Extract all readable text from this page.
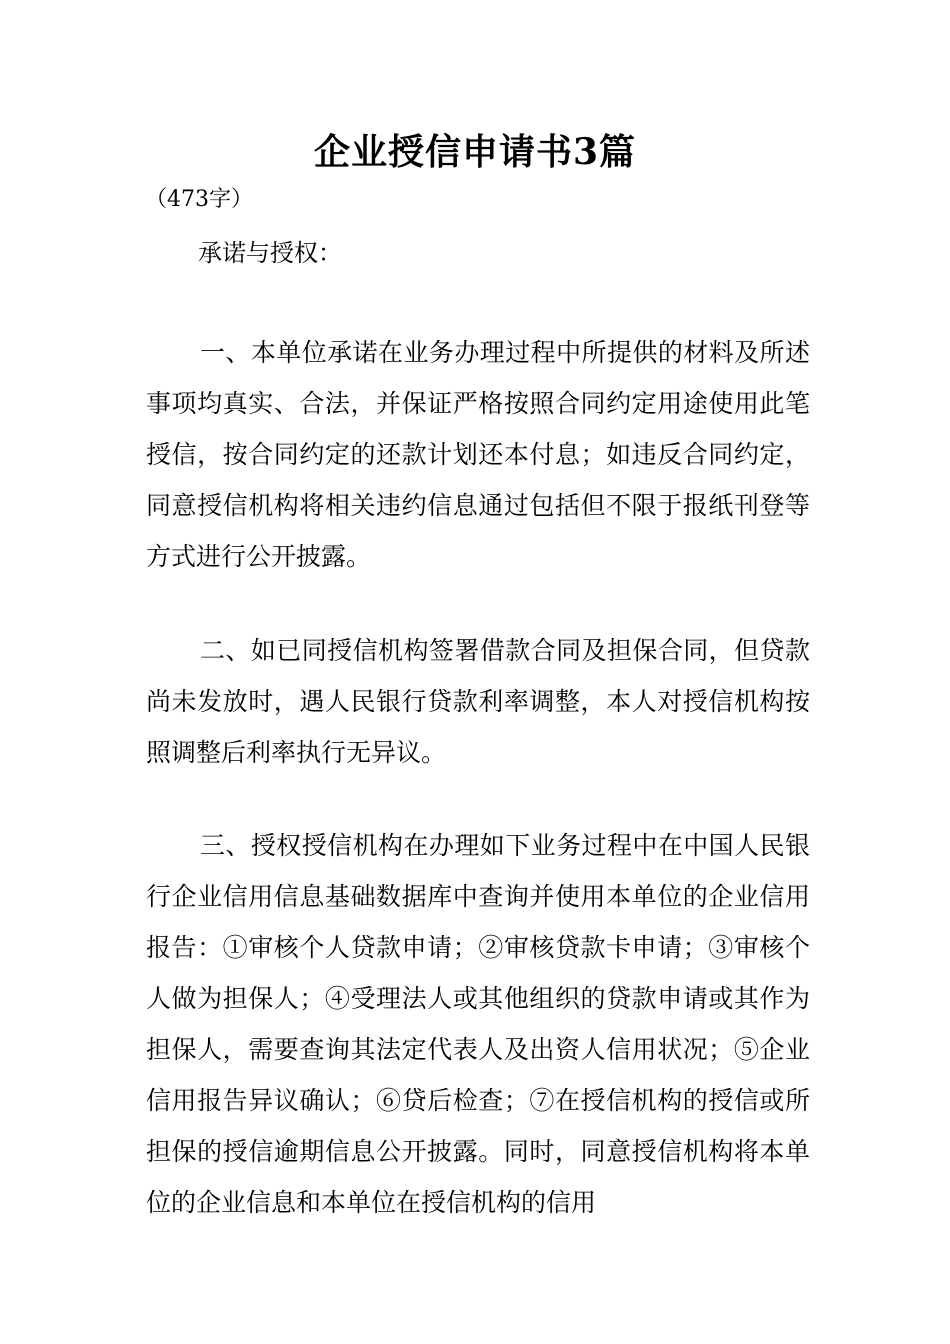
企业授信申请书3篇
（473字）
承诺与授权：

一、本单位承诺在业务办理过程中所提供的材料及所述事项均真实、合法，并保证严格按照合同约定用途使用此笔授信，按合同约定的还款计划还本付息；如违反合同约定，同意授信机构将相关违约信息通过包括但不限于报纸刊登等方式进行公开披露。

二、如已同授信机构签署借款合同及担保合同，但贷款尚未发放时，遇人民银行贷款利率调整，本人对授信机构按照调整后利率执行无异议。

三、授权授信机构在办理如下业务过程中在中国人民银行企业信用信息基础数据库中查询并使用本单位的企业信用报告：①审核个人贷款申请；②审核贷款卡申请；③审核个人做为担保人；④受理法人或其他组织的贷款申请或其作为担保人，需要查询其法定代表人及出资人信用状况；⑤企业信用报告异议确认；⑥贷后检查；⑦在授信机构的授信或所担保的授信逾期信息公开披露。同时，同意授信机构将本单位的企业信息和本单位在授信机构的信用
